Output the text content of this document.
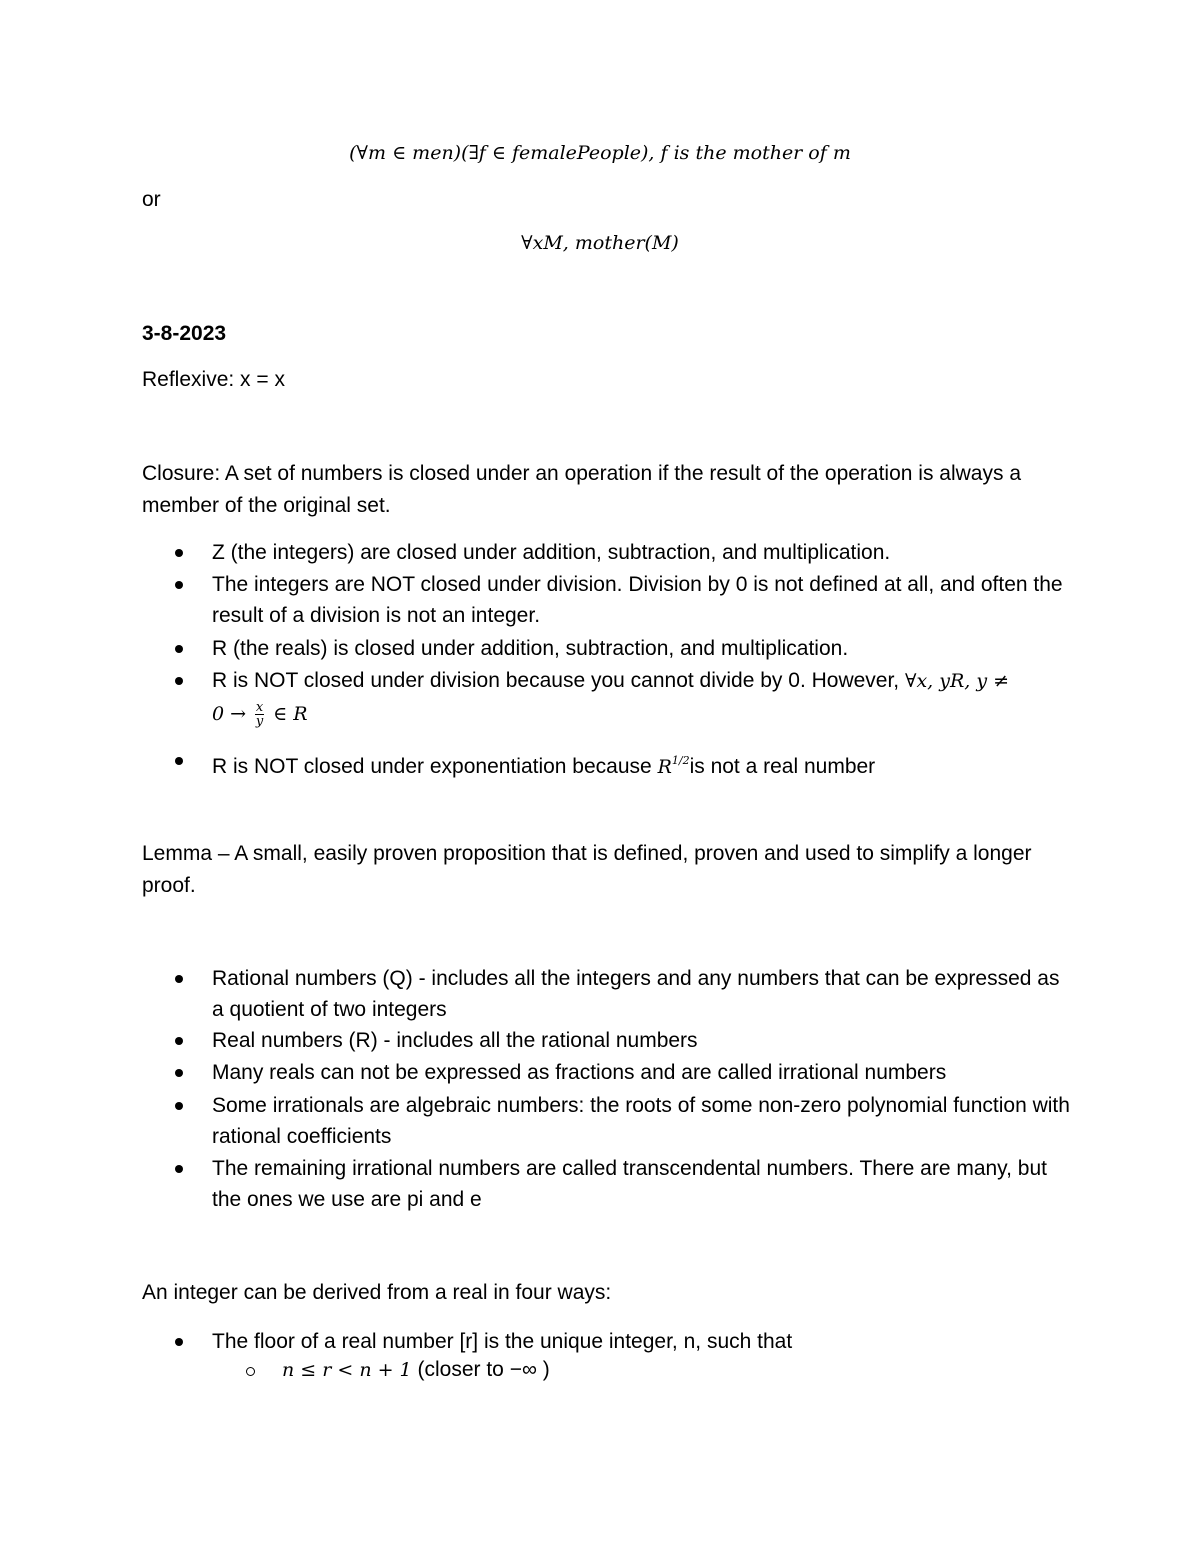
(∀m ∈ men)(∃f ∈ femalePeople), f is the mother of m
or
∀xM, mother(M)
3-8-2023
Reflexive: x = x
Closure: A set of numbers is closed under an operation if the result of the operation is always a member of the original set.
Z (the integers) are closed under addition, subtraction, and multiplication.
The integers are NOT closed under division. Division by 0 is not defined at all, and often the result of a division is not an integer.
R (the reals) is closed under addition, subtraction, and multiplication.
R is NOT closed under division because you cannot divide by 0. However, ∀x, yR, y ≠
$0 \to \frac{x}{y}$ ∈ R
R is NOT closed under exponentiation because $R^{1/2}is$ not a real number
Lemma – A small, easily proven proposition that is defined, proven and used to simplify a longer proof.
Rational numbers (Q) - includes all the integers and any numbers that can be expressed as a quotient of two integers
Real numbers (R) - includes all the rational numbers
Many reals can not be expressed as fractions and are called irrational numbers
Some irrationals are algebraic numbers: the roots of some non-zero polynomial function with rational coefficients
The remaining irrational numbers are called transcendental numbers. There are many, but the ones we use are pi and e
An integer can be derived from a real in four ways:
The floor of a real number [r] is the unique integer, n, such that
n ≤ r < n + 1 (closer to −∞ )
